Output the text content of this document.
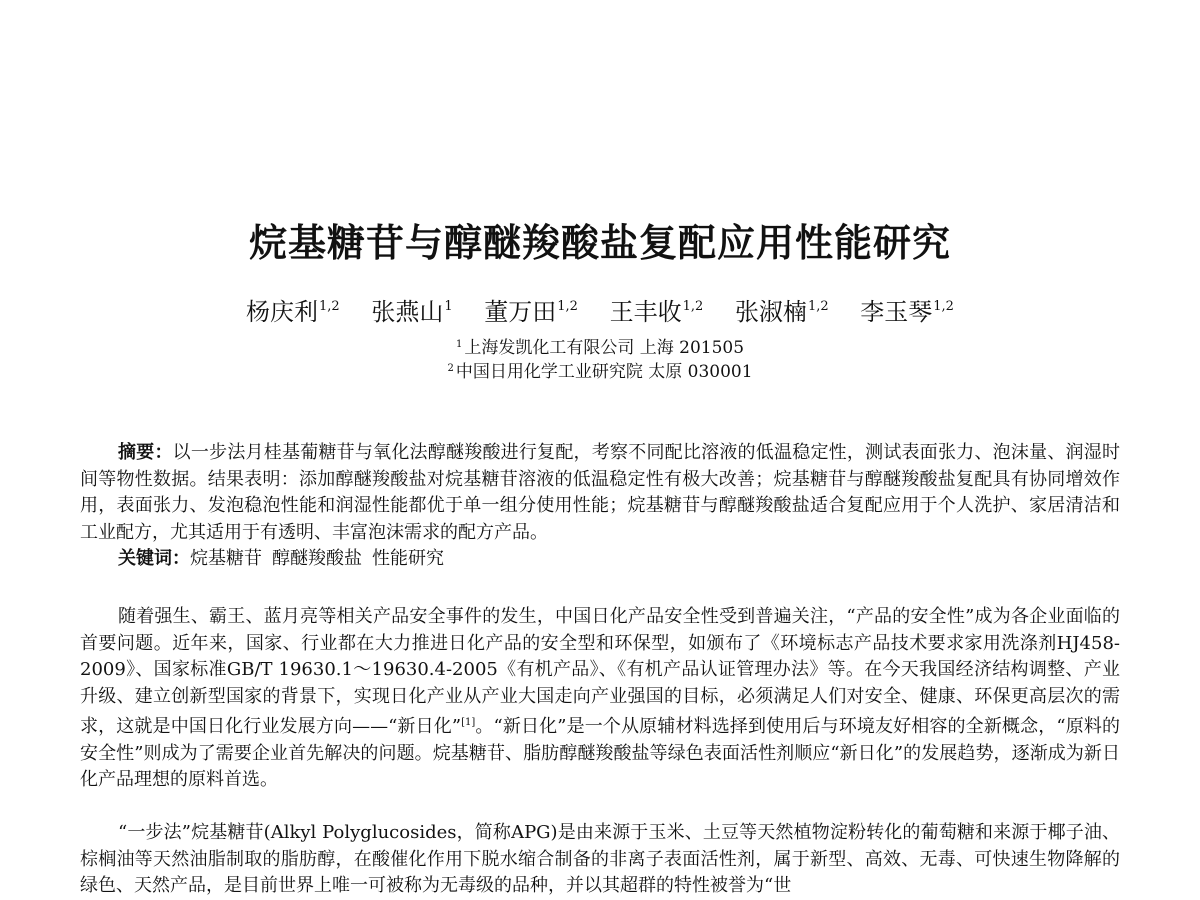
烷基糖苷与醇醚羧酸盐复配应用性能研究
杨庆利$^{1,2}$ 张燕山$^1$ 董万田$^{1,2}$ 王丰收$^{1,2}$ 张淑楠$^{1,2}$ 李玉琴$^{1,2}$
$^1$ 上海发凯化工有限公司 上海 201505
$^2$ 中国日用化学工业研究院 太原 030001
摘要：以一步法月桂基葡糖苷与氧化法醇醚羧酸进行复配，考察不同配比溶液的低温稳定性，测试表面张力、泡沫量、润湿时间等物性数据。结果表明：添加醇醚羧酸盐对烷基糖苷溶液的低温稳定性有极大改善；烷基糖苷与醇醚羧酸盐复配具有协同增效作用，表面张力、发泡稳泡性能和润湿性能都优于单一组分使用性能；烷基糖苷与醇醚羧酸盐适合复配应用于个人洗护、家居清洁和工业配方，尤其适用于有透明、丰富泡沫需求的配方产品。
关键词：烷基糖苷 醇醚羧酸盐 性能研究
随着强生、霸王、蓝月亮等相关产品安全事件的发生，中国日化产品安全性受到普遍关注，“产品的安全性”成为各企业面临的首要问题。近年来，国家、行业都在大力推进日化产品的安全型和环保型，如颁布了《环境标志产品技术要求家用洗涤剂HJ458-2009》、国家标准GB/T 19630.1～19630.4-2005《有机产品》、《有机产品认证管理办法》等。在今天我国经济结构调整、产业升级、建立创新型国家的背景下，实现日化产业从产业大国走向产业强国的目标，必须满足人们对安全、健康、环保更高层次的需求，这就是中国日化行业发展方向——“新日化”[1]。“新日化”是一个从原辅材料选择到使用后与环境友好相容的全新概念，“原料的安全性”则成为了需要企业首先解决的问题。烷基糖苷、脂肪醇醚羧酸盐等绿色表面活性剂顺应“新日化”的发展趋势，逐渐成为新日化产品理想的原料首选。
“一步法”烷基糖苷(Alkyl Polyglucosides，简称APG)是由来源于玉米、土豆等天然植物淀粉转化的葡萄糖和来源于椰子油、棕榈油等天然油脂制取的脂肪醇，在酸催化作用下脱水缩合制备的非离子表面活性剂，属于新型、高效、无毒、可快速生物降解的绿色、天然产品，是目前世界上唯一可被称为无毒级的品种，并以其超群的特性被誉为“世
